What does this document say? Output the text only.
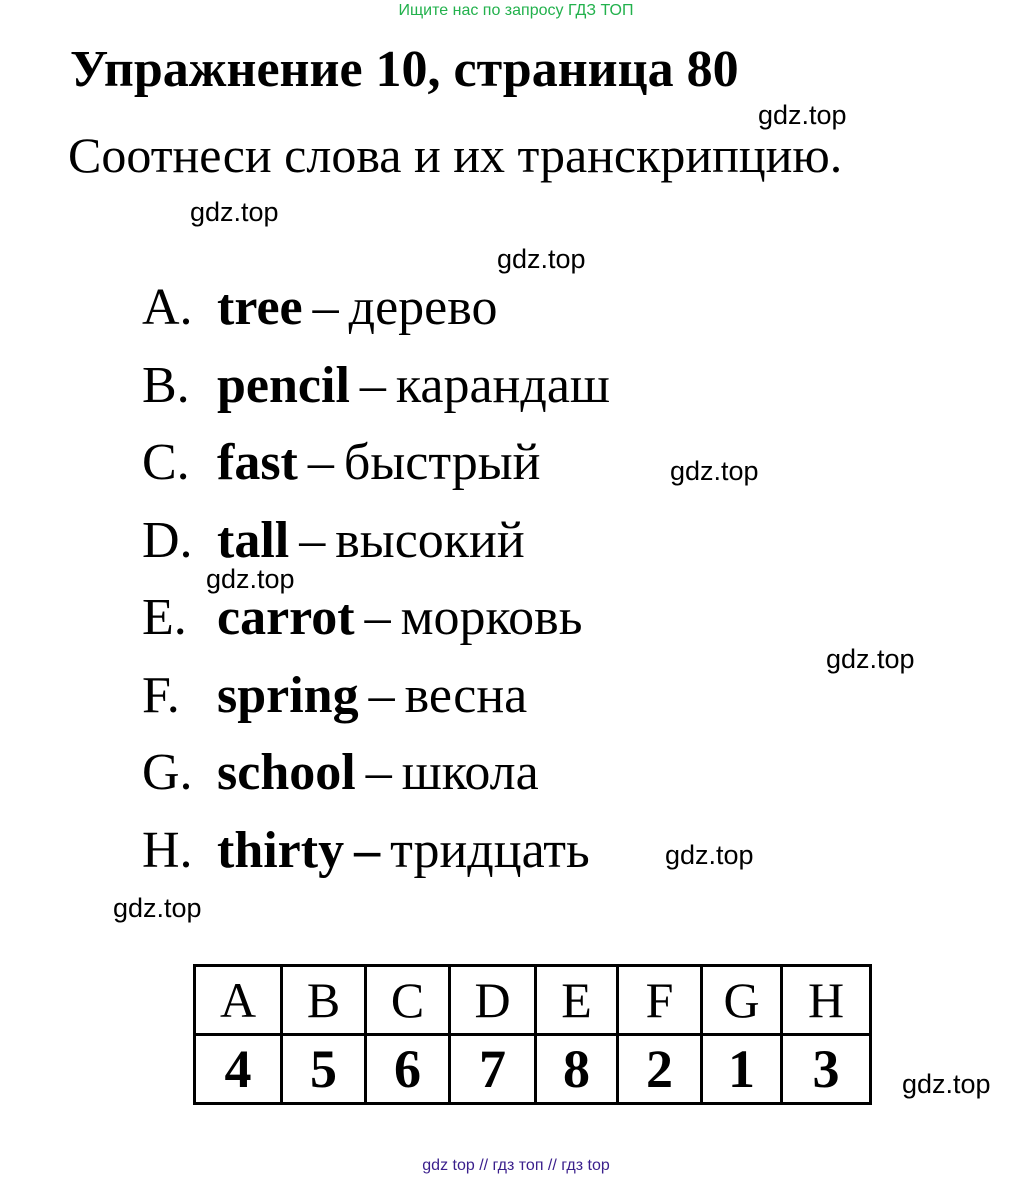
Ищите нас по запросу ГДЗ ТОП
Упражнение 10, страница 80
Соотнеси слова и их транскрипцию.
gdz.top
gdz.top
gdz.top
gdz.top
gdz.top
gdz.top
gdz.top
gdz.top
gdz.top
A. tree – дерево
B. pencil – карандаш
C. fast – быстрый
D. tall – высокий
E. carrot – морковь
F. spring – весна
G. school – школа
H. thirty – тридцать
A	B	C	D	E	F	G	H
4	5	6	7	8	2	1	3
gdz top // гдз топ // гдз top
